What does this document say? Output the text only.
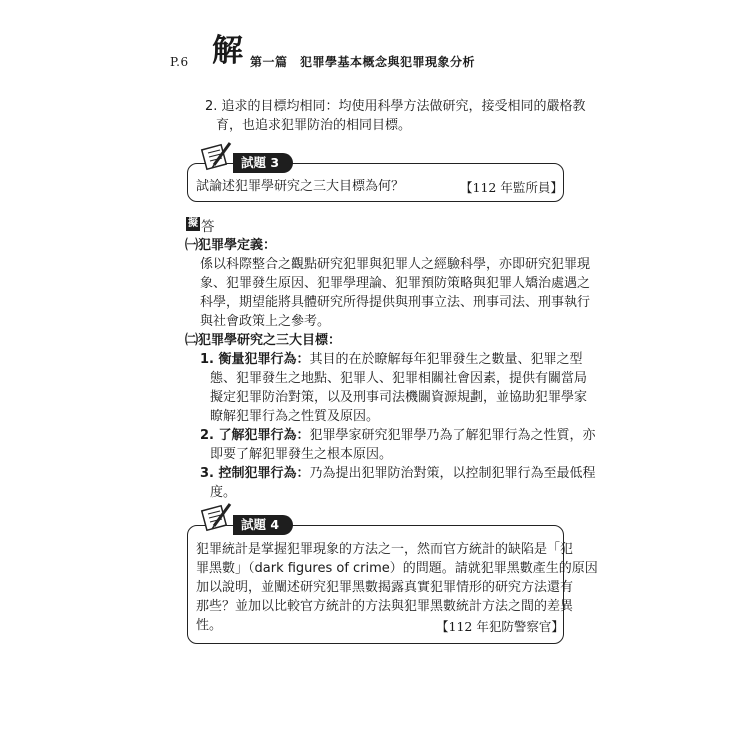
P.6 解 第一篇　犯罪學基本概念與犯罪現象分析
2. 追求的目標均相同：均使用科學方法做研究，接受相同的嚴格教
育，也追求犯罪防治的相同目標。
試題 3
試論述犯罪學研究之三大目標為何？	【112 年監所員】
擬 答
㈠犯罪學定義：
係以科際整合之觀點研究犯罪與犯罪人之經驗科學，亦即研究犯罪現
象、犯罪發生原因、犯罪學理論、犯罪預防策略與犯罪人矯治處遇之
科學，期望能將具體研究所得提供與刑事立法、刑事司法、刑事執行
與社會政策上之參考。
㈡犯罪學研究之三大目標：
1. 衡量犯罪行為：其目的在於瞭解每年犯罪發生之數量、犯罪之型
態、犯罪發生之地點、犯罪人、犯罪相關社會因素，提供有關當局
擬定犯罪防治對策，以及刑事司法機關資源規劃，並協助犯罪學家
瞭解犯罪行為之性質及原因。
2. 了解犯罪行為：犯罪學家研究犯罪學乃為了解犯罪行為之性質，亦
即要了解犯罪發生之根本原因。
3. 控制犯罪行為：乃為提出犯罪防治對策，以控制犯罪行為至最低程
度。
試題 4
犯罪統計是掌握犯罪現象的方法之一，然而官方統計的缺陷是「犯
罪黑數」（dark figures of crime）的問題。請就犯罪黑數產生的原因
加以說明，並闡述研究犯罪黑數揭露真實犯罪情形的研究方法還有
那些？並加以比較官方統計的方法與犯罪黑數統計方法之間的差異
性。	【112 年犯防警察官】
